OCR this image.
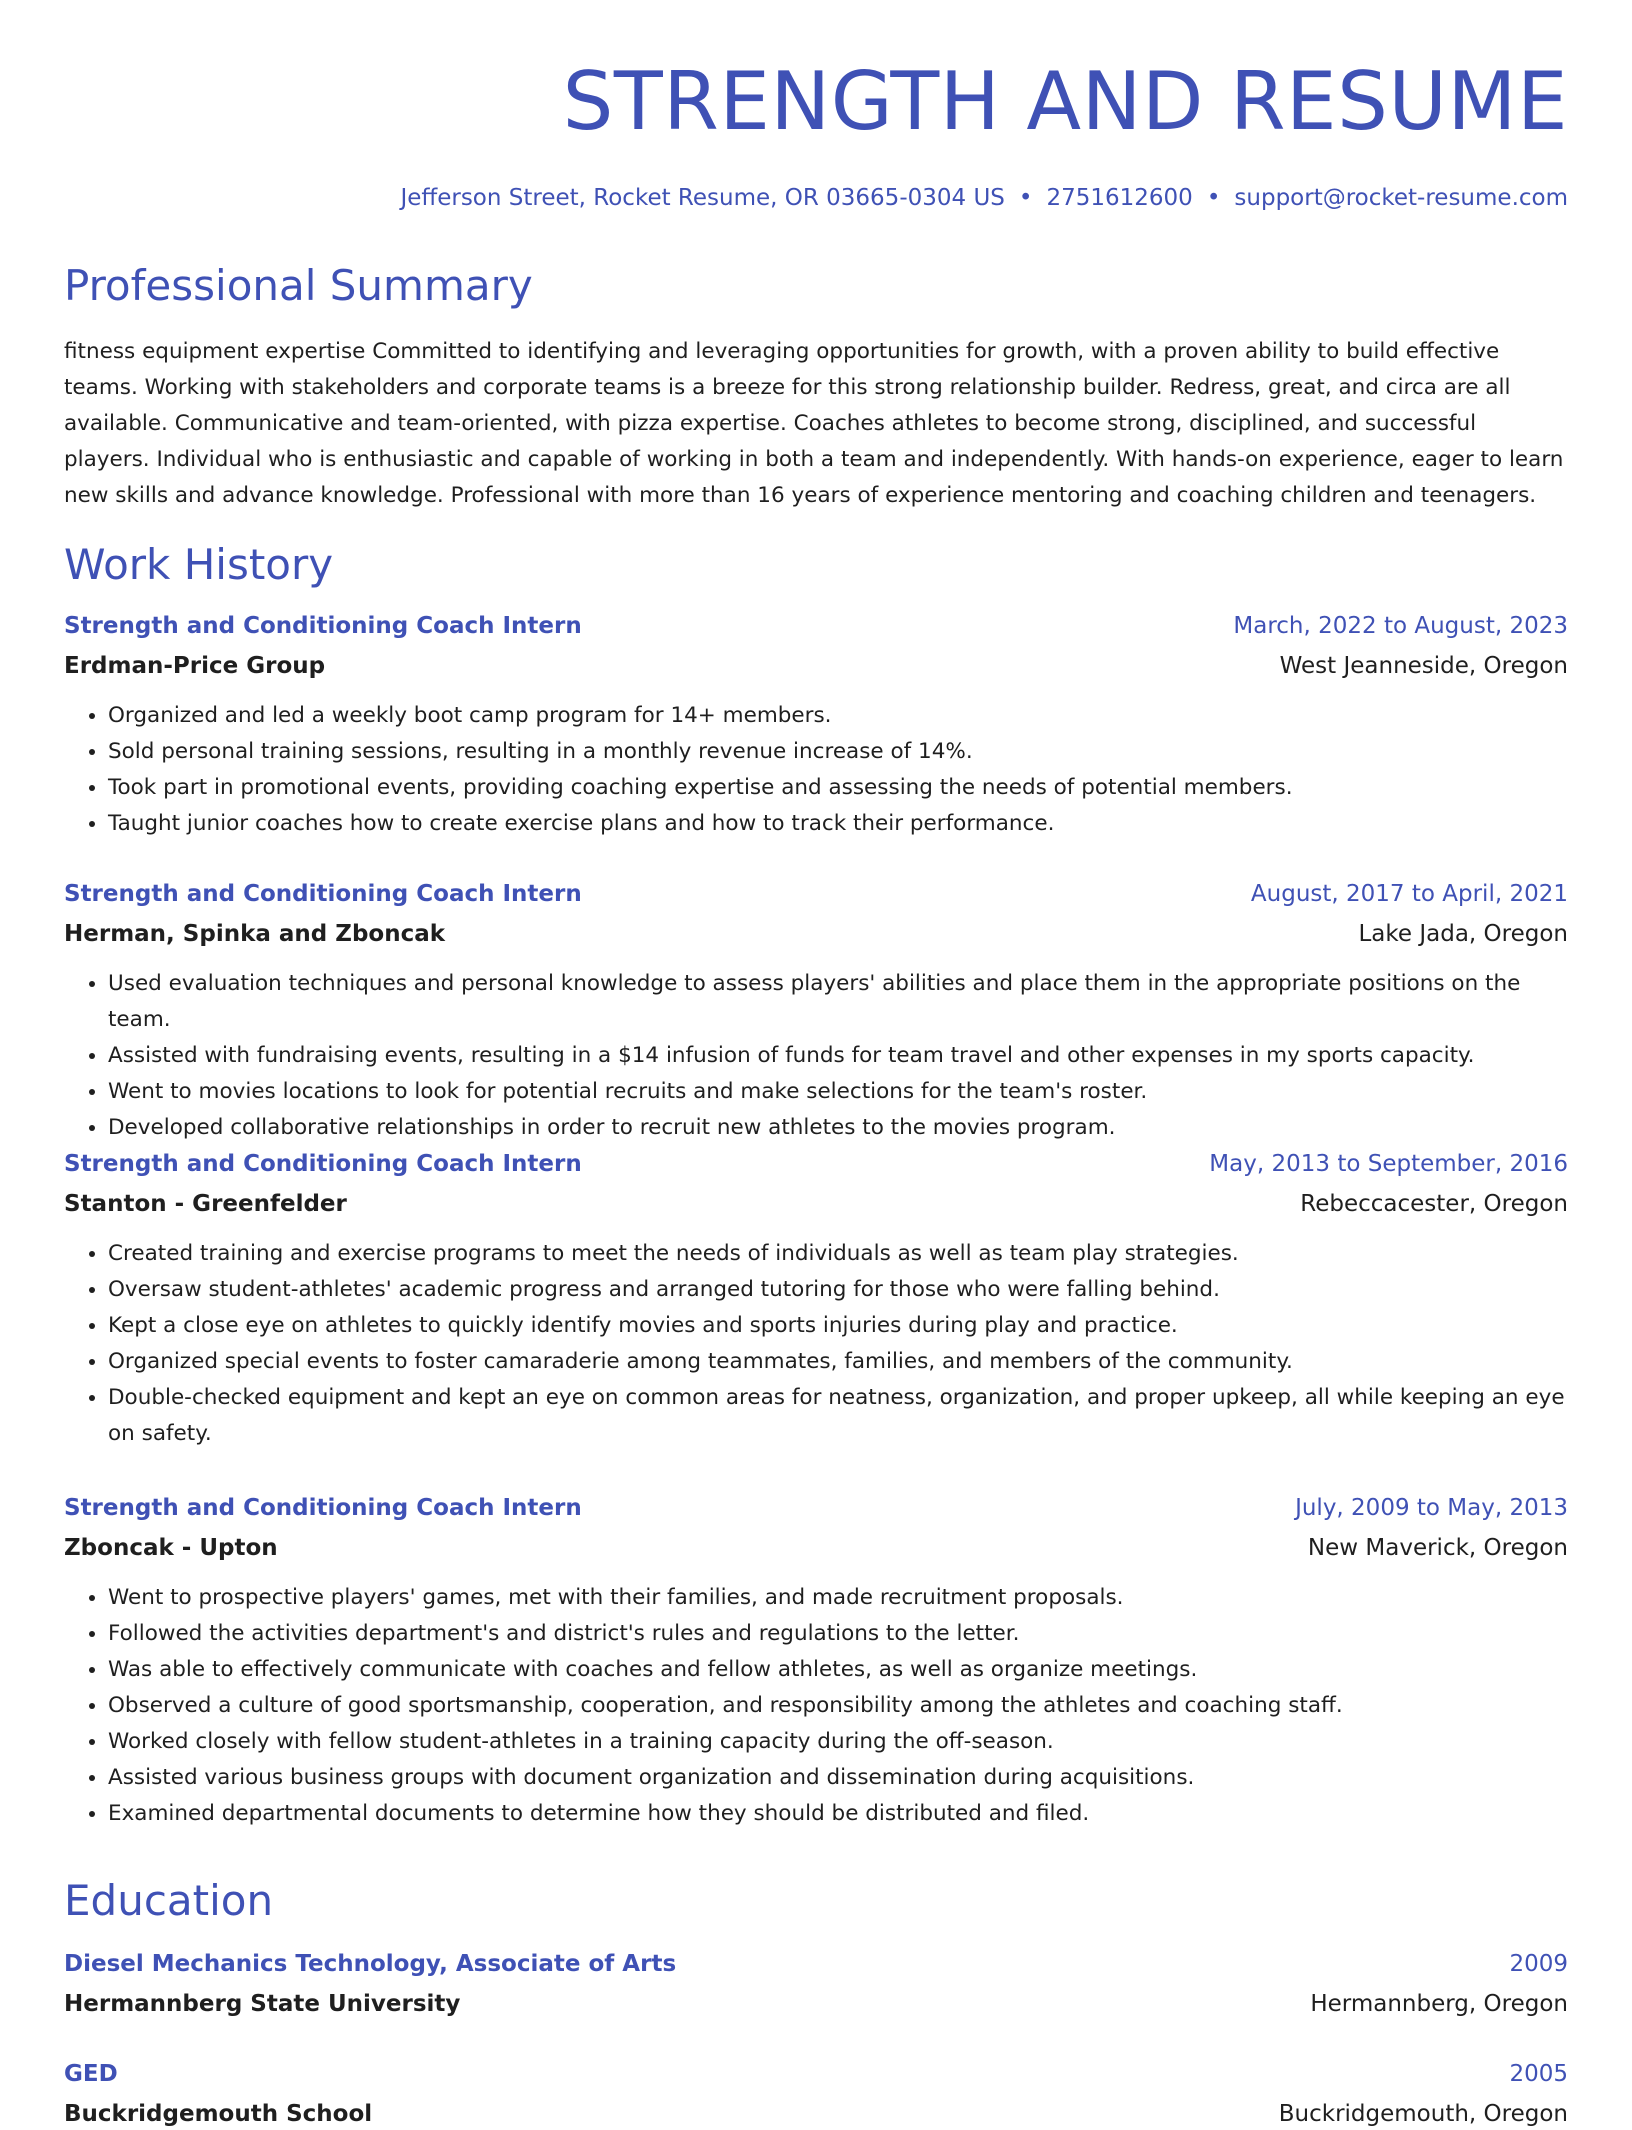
STRENGTH AND RESUME
Jefferson Street, Rocket Resume, OR 03665-0304 US • 2751612600 • support@rocket-resume.com
Professional Summary

fitness equipment expertise Committed to identifying and leveraging opportunities for growth, with a proven ability to build effective teams. Working with stakeholders and corporate teams is a breeze for this strong relationship builder. Redress, great, and circa are all available. Communicative and team-oriented, with pizza expertise. Coaches athletes to become strong, disciplined, and successful players. Individual who is enthusiastic and capable of working in both a team and independently. With hands-on experience, eager to learn new skills and advance knowledge. Professional with more than 16 years of experience mentoring and coaching children and teenagers.

Work History
Strength and Conditioning Coach Intern	March, 2022 to August, 2023
Erdman-Price Group	West Jeanneside, Oregon
• Organized and led a weekly boot camp program for 14+ members.
• Sold personal training sessions, resulting in a monthly revenue increase of 14%.
• Took part in promotional events, providing coaching expertise and assessing the needs of potential members.
• Taught junior coaches how to create exercise plans and how to track their performance.
Strength and Conditioning Coach Intern	August, 2017 to April, 2021
Herman, Spinka and Zboncak	Lake Jada, Oregon
• Used evaluation techniques and personal knowledge to assess players' abilities and place them in the appropriate positions on the team.
• Assisted with fundraising events, resulting in a $14 infusion of funds for team travel and other expenses in my sports capacity.
• Went to movies locations to look for potential recruits and make selections for the team's roster.
• Developed collaborative relationships in order to recruit new athletes to the movies program.
Strength and Conditioning Coach Intern	May, 2013 to September, 2016
Stanton - Greenfelder	Rebeccacester, Oregon
• Created training and exercise programs to meet the needs of individuals as well as team play strategies.
• Oversaw student-athletes' academic progress and arranged tutoring for those who were falling behind.
• Kept a close eye on athletes to quickly identify movies and sports injuries during play and practice.
• Organized special events to foster camaraderie among teammates, families, and members of the community.
• Double-checked equipment and kept an eye on common areas for neatness, organization, and proper upkeep, all while keeping an eye on safety.
Strength and Conditioning Coach Intern	July, 2009 to May, 2013
Zboncak - Upton	New Maverick, Oregon
• Went to prospective players' games, met with their families, and made recruitment proposals.
• Followed the activities department's and district's rules and regulations to the letter.
• Was able to effectively communicate with coaches and fellow athletes, as well as organize meetings.
• Observed a culture of good sportsmanship, cooperation, and responsibility among the athletes and coaching staff.
• Worked closely with fellow student-athletes in a training capacity during the off-season.
• Assisted various business groups with document organization and dissemination during acquisitions.
• Examined departmental documents to determine how they should be distributed and filed.
Education
Diesel Mechanics Technology, Associate of Arts	2009
Hermannberg State University	Hermannberg, Oregon
GED	2005
Buckridgemouth School	Buckridgemouth, Oregon
